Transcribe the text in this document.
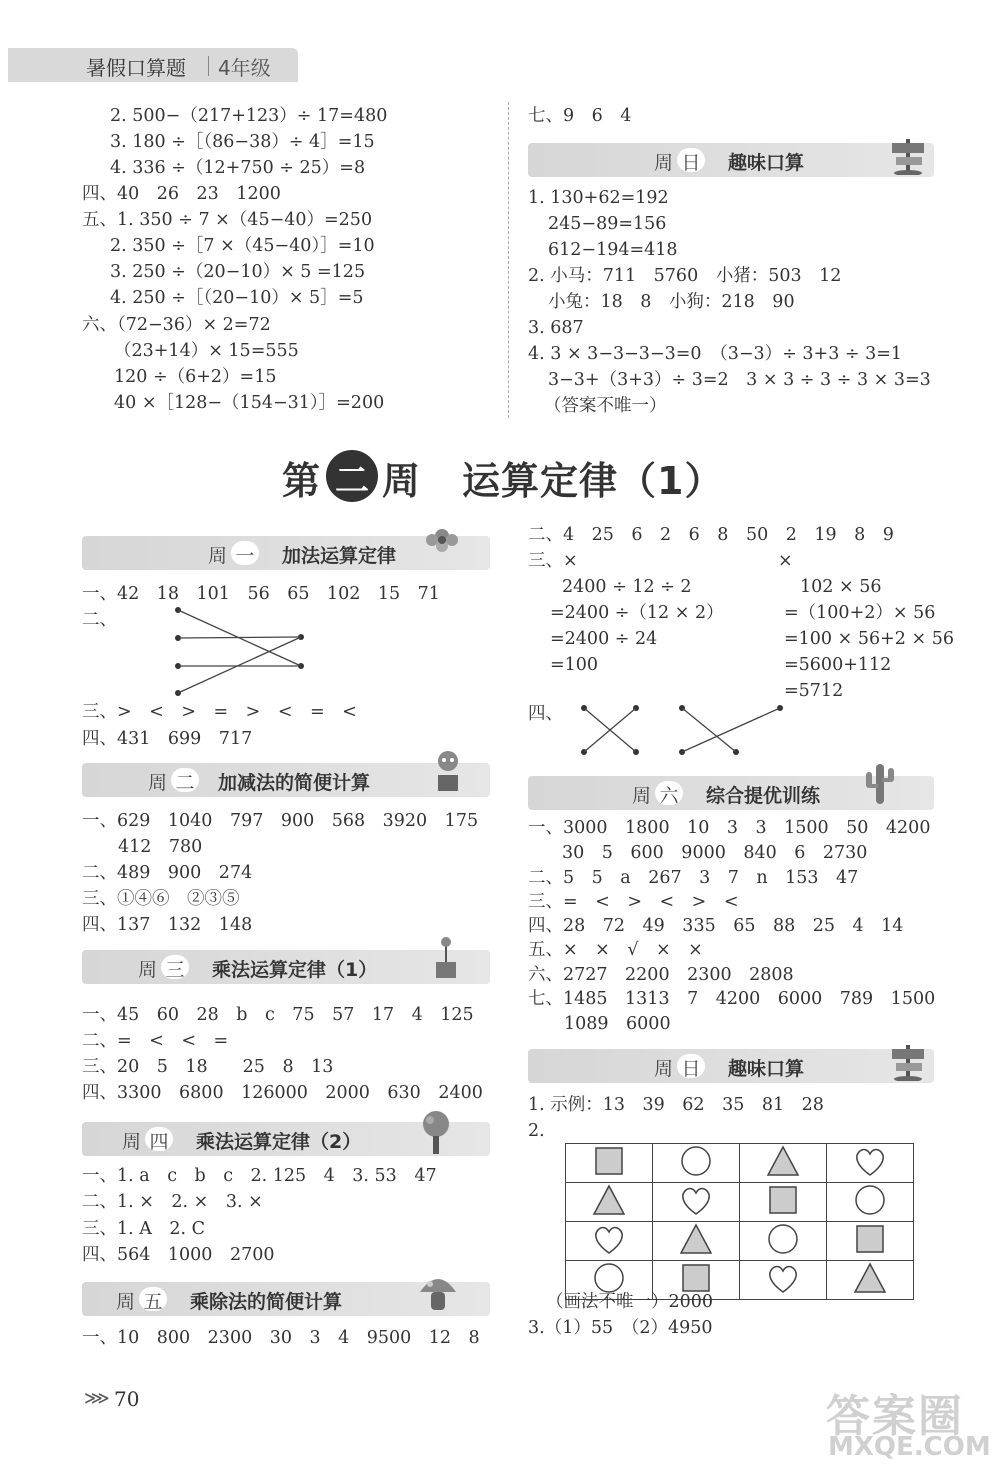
暑假口算题 4年级
2. 500−（217+123）÷ 17=480
3. 180 ÷［（86−38）÷ 4］=15
4. 336 ÷（12+750 ÷ 25）=8
四、40　26　23　1200
五、1. 350 ÷ 7 ×（45−40）=250
2. 350 ÷［7 ×（45−40）］=10
3. 250 ÷（20−10）× 5 =125
4. 250 ÷［（20−10）× 5］=5
六、（72−36）× 2=72
（23+14）× 15=555
120 ÷（6+2）=15
40 ×［128−（154−31）］=200
七、9　6　4
周 日 趣味口算
1. 130+62=192
245−89=156
612−194=418
2. 小马：711　5760　小猪：503　12
小兔：18　8　小狗：218　90
3. 687
4. 3 × 3−3−3−3=0　（3−3）÷ 3+3 ÷ 3=1
3−3+（3+3）÷ 3=2　3 × 3 ÷ 3 ÷ 3 × 3=3
（答案不唯一）
第 二 周 运算定律（1）
周 一 加法运算定律
一、42　18　101　56　65　102　15　71
二、
三、>　<　>　=　>　<　=　<
四、431　699　717
周 二 加减法的简便计算
一、629　1040　797　900　568　3920　175
412　780
二、489　900　274
三、①④⑥　②③⑤
四、137　132　148
周 三 乘法运算定律（1）
一、45　60　28　b　c　75　57　17　4　125
二、=　<　<　=
三、20　5　18　　25　8　13
四、3300　6800　126000　2000　630　2400
周 四 乘法运算定律（2）
一、1. a　c　b　c　2. 125　4　3. 53　47
二、1. ×　2. ×　3. ×
三、1. A　2. C
四、564　1000　2700
周 五 乘除法的简便计算
一、10　800　2300　30　3　4　9500　12　8
二、4　25　6　2　6　8　50　2　19　8　9
三、×	×
2400 ÷ 12 ÷ 2
=2400 ÷（12 × 2）
=2400 ÷ 24
=100
102 × 56
=（100+2）× 56
=100 × 56+2 × 56
=5600+112
=5712
四、
周 六 综合提优训练
一、3000　1800　10　3　3　1500　50　4200
30　5　600　9000　840　6　2730
二、5　5　a　267　3　7　n　153　47
三、=　<　>　<　>　<
四、28　72　49　335　65　88　25　4　14
五、×　×　√　×　×
六、2727　2200　2300　2808
七、1485　1313　7　4200　6000　789　1500
1089　6000
周 日 趣味口算
1. 示例：13　39　62　35　81　28
2.

（画法不唯一）2000
3.（1）55　（2）4950
⋙ 70	答案圈
MXQE.COM
